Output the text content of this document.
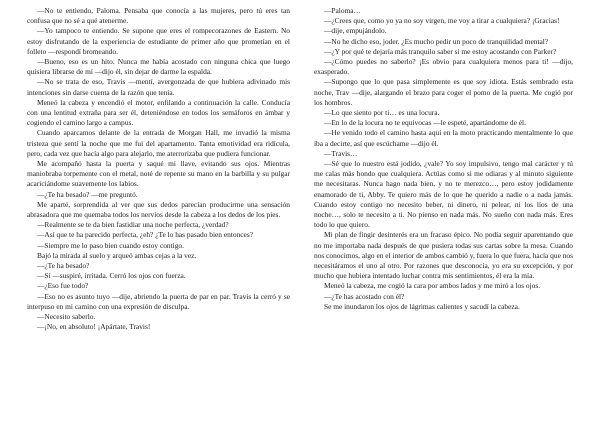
—No te entiendo, Paloma. Pensaba que conocía a las mujeres, pero tú eres tan confusa que no sé a qué atenerme.

—Yo tampoco te entiendo. Se supone que eres el rompecorazones de Eastern. No estoy disfrutando de la experiencia de estudiante de primer año que prometían en el folleto —respondí bromeando.

—Bueno, eso es un hito. Nunca me había acostado con ninguna chica que luego quisiera librarse de mí —dijo él, sin dejar de darme la espalda.

—No se trata de eso, Travis —mentí, avergonzada de que hubiera adivinado mis intenciones sin darse cuenta de la razón que tenía.

Meneó la cabeza y encendió el motor, enfilando a continuación la calle. Conducía con una lentitud extraña para ser él, deteniéndose en todos los semáforos en ámbar y cogiendo el camino largo a campus.

Cuando aparcamos delante de la entrada de Morgan Hall, me invadió la misma tristeza que sentí la noche que me fui del apartamento. Tanta emotividad era ridícula, pero, cada vez que hacía algo para alejarlo, me aterrorizaba que pudiera funcionar.

Me acompañó hasta la puerta y saqué mi llave, evitando sus ojos. Mientras maniobraba torpemente con el metal, noté de repente su mano en la barbilla y su pulgar acariciándome suavemente los labios.

—¿Te ha besado? —me preguntó.

Me aparté, sorprendida al ver que sus dedos parecían producirme una sensación abrasadora que me quemaba todos los nervios desde la cabeza a los dedos de los pies.

—Realmente se te da bien fastidiar una noche perfecta, ¿verdad?

—Así que te ha parecido perfecta, ¿eh? ¿Te lo has pasado bien entonces?

—Siempre me lo paso bien cuando estoy contigo.

Bajó la mirada al suelo y arqueó ambas cejas a la vez.

—¿Te ha besado?

—Sí —suspiré, irritada. Cerró los ojos con fuerza.

—¿Eso fue todo?

—Eso no es asunto tuyo —dije, abriendo la puerta de par en par. Travis la cerró y se interpuso en mi camino con una expresión de disculpa.

—Necesito saberlo.

—¡No, en absoluto! ¡Apártate, Travis!

—Paloma…

—¿Crees que, como yo ya no soy virgen, me voy a tirar a cualquiera? ¡Gracias!

—dije, empujándolo.

—No he dicho eso, joder. ¿Es mucho pedir un poco de tranquilidad mental?

—¿Y por qué te dejaría más tranquilo saber si me estoy acostando con Parker?

—¿Cómo puedes no saberlo? ¡Es obvio para cualquiera menos para ti! —dijo, exasperado.

—Supongo que lo que pasa simplemente es que soy idiota. Estás sembrado esta noche, Trav —dije, alargando el brazo para coger el pomo de la puerta. Me cogió por los hombros.

—Lo que siento por ti… es una locura.

—En lo de la locura no te equivocas —le espeté, apartándome de él.

—He venido todo el camino hasta aquí en la moto practicando mentalmente lo que iba a decirte, así que escúchame —dijo él.

—Travis…

—Sé que lo nuestro está jodido, ¿vale? Yo soy impulsivo, tengo mal carácter y tú me calas más hondo que cualquiera. Actúas como si me odiaras y al minuto siguiente me necesitaras. Nunca hago nada bien, y no te merezco…, pero estoy jodidamente enamorado de ti, Abby. Te quiero más de lo que he querido a nadie o a nada jamás. Cuando estoy contigo no necesito beber, ni dinero, ni pelear, ni los líos de una noche…, solo te necesito a ti. No pienso en nada más. No sueño con nada más. Eres todo lo que quiero.

Mi plan de fingir desinterés era un fracaso épico. No podía seguir aparentando que no me importaba nada después de que pusiera todas sus cartas sobre la mesa. Cuando nos conocimos, algo en el interior de ambos cambió y, fuera lo que fuera, hacía que nos necesitáramos el uno al otro. Por razones que desconocía, yo era su excepción, y por mucho que hubiera intentado luchar contra mis sentimientos, él era la mía.

Meneó la cabeza, me cogió la cara por ambos lados y me miró a los ojos.

—¿Te has acostado con él?

Se me inundaron los ojos de lágrimas calientes y sacudí la cabeza.
